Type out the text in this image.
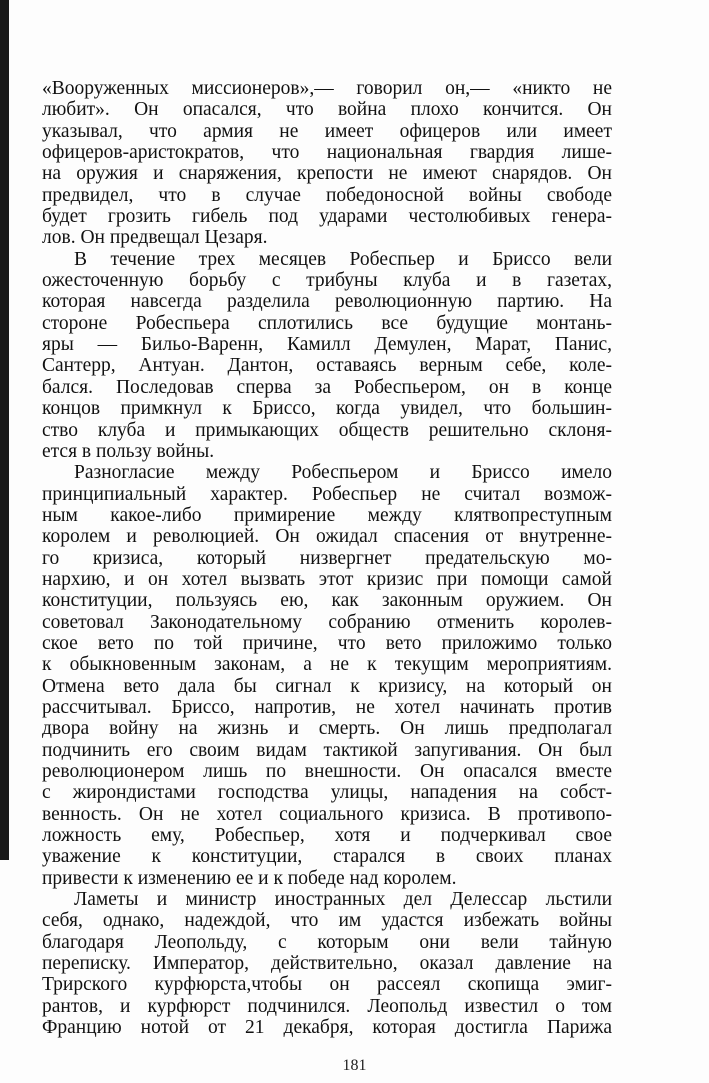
«Вооруженных миссионеров»,— говорил он,— «никто не
любит». Он опасался, что война плохо кончится. Он
указывал, что армия не имеет офицеров или имеет
офицеров-аристократов, что национальная гвардия лише-
на оружия и снаряжения, крепости не имеют снарядов. Он
предвидел, что в случае победоносной войны свободе
будет грозить гибель под ударами честолюбивых генера-
лов. Он предвещал Цезаря.
В течение трех месяцев Робеспьер и Бриссо вели
ожесточенную борьбу с трибуны клуба и в газетах,
которая навсегда разделила революционную партию. На
стороне Робеспьера сплотились все будущие монтань-
яры — Бильо-Варенн, Камилл Демулен, Марат, Панис,
Сантерр, Антуан. Дантон, оставаясь верным себе, коле-
бался. Последовав сперва за Робеспьером, он в конце
концов примкнул к Бриссо, когда увидел, что большин-
ство клуба и примыкающих обществ решительно склоня-
ется в пользу войны.
Разногласие между Робеспьером и Бриссо имело
принципиальный характер. Робеспьер не считал возмож-
ным какое-либо примирение между клятвопреступным
королем и революцией. Он ожидал спасения от внутренне-
го кризиса, который низвергнет предательскую мо-
нархию, и он хотел вызвать этот кризис при помощи самой
конституции, пользуясь ею, как законным оружием. Он
советовал Законодательному собранию отменить королев-
ское вето по той причине, что вето приложимо только
к обыкновенным законам, а не к текущим мероприятиям.
Отмена вето дала бы сигнал к кризису, на который он
рассчитывал. Бриссо, напротив, не хотел начинать против
двора войну на жизнь и смерть. Он лишь предполагал
подчинить его своим видам тактикой запугивания. Он был
революционером лишь по внешности. Он опасался вместе
с жирондистами господства улицы, нападения на собст-
венность. Он не хотел социального кризиса. В противопо-
ложность ему, Робеспьер, хотя и подчеркивал свое
уважение к конституции, старался в своих планах
привести к изменению ее и к победе над королем.
Ламеты и министр иностранных дел Делессар льстили
себя, однако, надеждой, что им удастся избежать войны
благодаря Леопольду, с которым они вели тайную
переписку. Император, действительно, оказал давление на
Трирского курфюрста,чтобы он рассеял скопища эмиг-
рантов, и курфюрст подчинился. Леопольд известил о том
Францию нотой от 21 декабря, которая достигла Парижа
181
